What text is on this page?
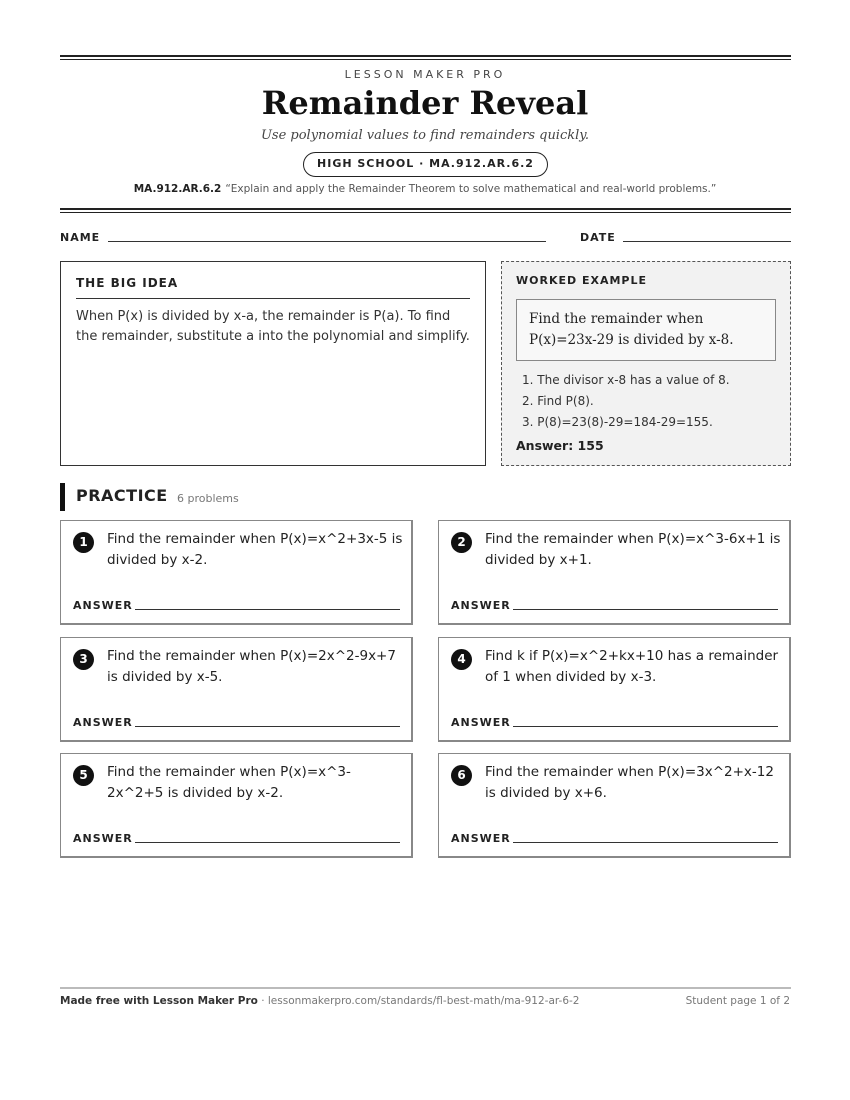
LESSON MAKER PRO
Remainder Reveal
Use polynomial values to find remainders quickly.
HIGH SCHOOL · MA.912.AR.6.2
MA.912.AR.6.2 “Explain and apply the Remainder Theorem to solve mathematical and real-world problems.”
NAME	DATE
THE BIG IDEA

When P(x) is divided by x-a, the remainder is P(a). To find the remainder, substitute a into the polynomial and simplify.

WORKED EXAMPLE
Find the remainder when P(x)=23x-29 is divided by x-8.
1. The divisor x-8 has a value of 8.
2. Find P(8).
3. P(8)=23(8)-29=184-29=155.
Answer: 155
PRACTICE 6 problems
1	Find the remainder when P(x)=x^2+3x-5 is divided by x-2.
ANSWER
2	Find the remainder when P(x)=x^3-6x+1 is divided by x+1.
ANSWER
3	Find the remainder when P(x)=2x^2-9x+7 is divided by x-5.
ANSWER
4	Find k if P(x)=x^2+kx+10 has a remainder of 1 when divided by x-3.
ANSWER
5	Find the remainder when P(x)=x^3-2x^2+5 is divided by x-2.
ANSWER
6	Find the remainder when P(x)=3x^2+x-12 is divided by x+6.
ANSWER
Made free with Lesson Maker Pro · lessonmakerpro.com/standards/fl-best-math/ma-912-ar-6-2	Student page 1 of 2
